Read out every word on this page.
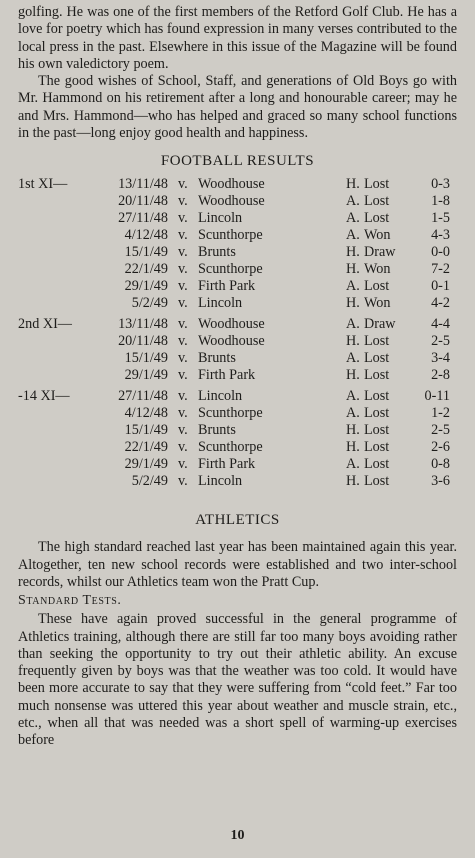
golfing. He was one of the first members of the Retford Golf Club. He has a love for poetry which has found expression in many verses contributed to the local press in the past. Elsewhere in this issue of the Magazine will be found his own valedictory poem.

The good wishes of School, Staff, and generations of Old Boys go with Mr. Hammond on his retirement after a long and honourable career; may he and Mrs. Hammond—who has helped and graced so many school functions in the past—long enjoy good health and happiness.

FOOTBALL RESULTS
1st XI—	13/11/48	v.	Woodhouse	H.	Lost	0-3
	20/11/48	v.	Woodhouse	A.	Lost	1-8
	27/11/48	v.	Lincoln	A.	Lost	1-5
	4/12/48	v.	Scunthorpe	A.	Won	4-3
	15/1/49	v.	Brunts	H.	Draw	0-0
	22/1/49	v.	Scunthorpe	H.	Won	7-2
	29/1/49	v.	Firth Park	A.	Lost	0-1
	5/2/49	v.	Lincoln	H.	Won	4-2
2nd XI—	13/11/48	v.	Woodhouse	A.	Draw	4-4
	20/11/48	v.	Woodhouse	H.	Lost	2-5
	15/1/49	v.	Brunts	A.	Lost	3-4
	29/1/49	v.	Firth Park	H.	Lost	2-8
-14 XI—	27/11/48	v.	Lincoln	A.	Lost	0-11
	4/12/48	v.	Scunthorpe	A.	Lost	1-2
	15/1/49	v.	Brunts	H.	Lost	2-5
	22/1/49	v.	Scunthorpe	H.	Lost	2-6
	29/1/49	v.	Firth Park	A.	Lost	0-8
	5/2/49	v.	Lincoln	H.	Lost	3-6
ATHLETICS

The high standard reached last year has been maintained again this year. Altogether, ten new school records were established and two inter-school records, whilst our Athletics team won the Pratt Cup.

Standard Tests.

These have again proved successful in the general programme of Athletics training, although there are still far too many boys avoiding rather than seeking the opportunity to try out their athletic ability. An excuse frequently given by boys was that the weather was too cold. It would have been more accurate to say that they were suffering from “cold feet.” Far too much nonsense was uttered this year about weather and muscle strain, etc., etc., when all that was needed was a short spell of warming-up exercises before

10
